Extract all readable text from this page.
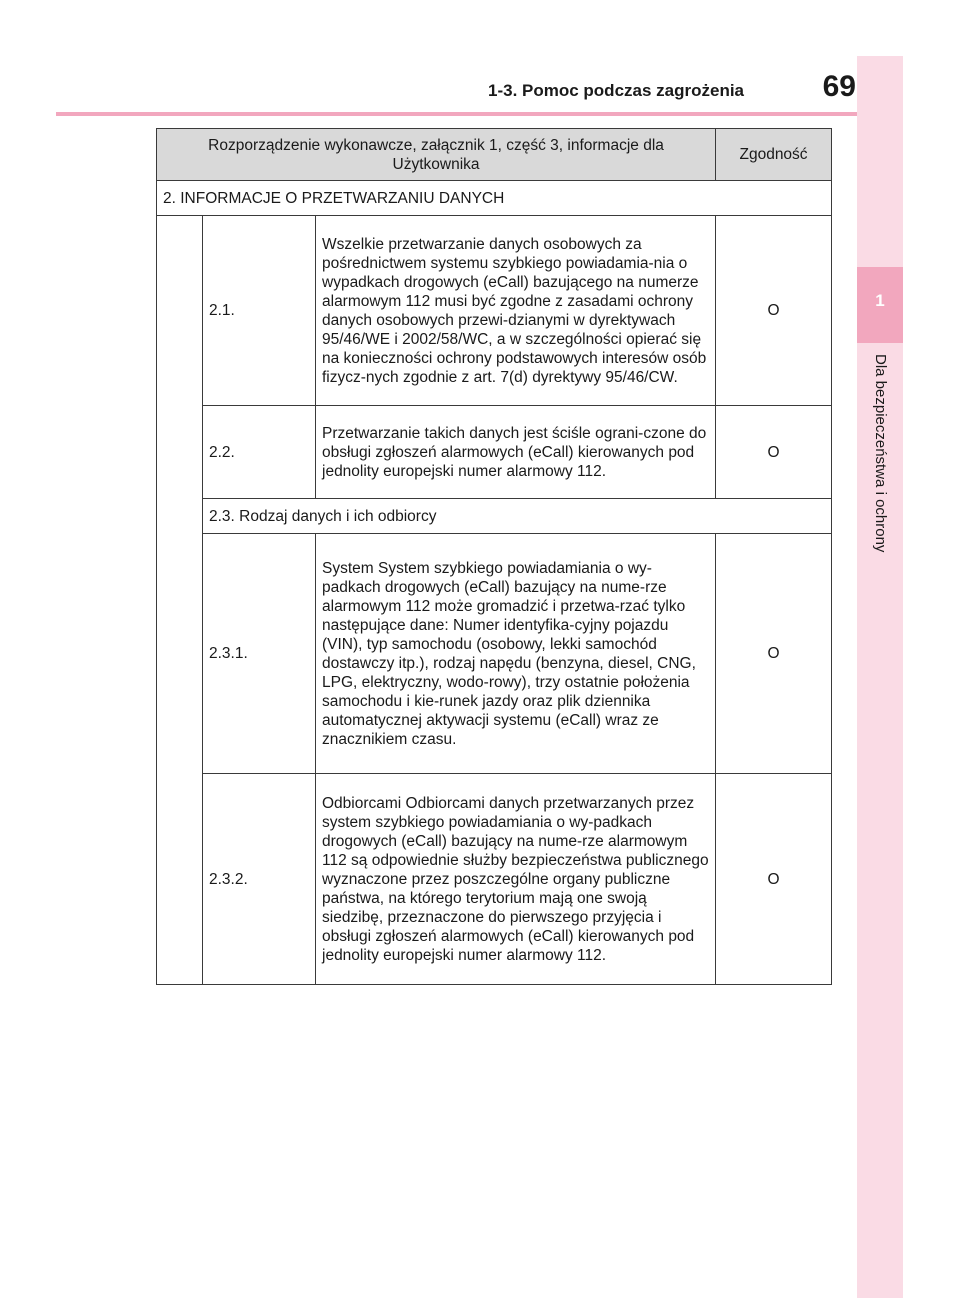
1-3. Pomoc podczas zagrożenia	69
1
Dla bezpieczeństwa i ochrony
Rozporządzenie wykonawcze, załącznik 1, część 3, informacje dla Użytkownika			Zgodność
2. INFORMACJE O PRZETWARZANIU DANYCH			
	2.1.	Wszelkie przetwarzanie danych osobowych za pośrednictwem systemu szybkiego powiadamia-nia o wypadkach drogowych (eCall) bazującego na numerze alarmowym 112 musi być zgodne z zasadami ochrony danych osobowych przewi-dzianymi w dyrektywach 95/46/WE i 2002/58/WC, a w szczególności opierać się na konieczności ochrony podstawowych interesów osób fizycz-nych zgodnie z art. 7(d) dyrektywy 95/46/CW.	O
	2.2.	Przetwarzanie takich danych jest ściśle ograni-czone do obsługi zgłoszeń alarmowych (eCall) kierowanych pod jednolity europejski numer alarmowy 112.	O
	2.3. Rodzaj danych i ich odbiorcy		
	2.3.1.	System System szybkiego powiadamiania o wy-padkach drogowych (eCall) bazujący na nume-rze alarmowym 112 może gromadzić i przetwa-rzać tylko następujące dane: Numer identyfika-cyjny pojazdu (VIN), typ samochodu (osobowy, lekki samochód dostawczy itp.), rodzaj napędu (benzyna, diesel, CNG, LPG, elektryczny, wodo-rowy), trzy ostatnie położenia samochodu i kie-runek jazdy oraz plik dziennika automatycznej aktywacji systemu (eCall) wraz ze znacznikiem czasu.	O
	2.3.2.	Odbiorcami Odbiorcami danych przetwarzanych przez system szybkiego powiadamiania o wy-padkach drogowych (eCall) bazujący na nume-rze alarmowym 112 są odpowiednie służby bezpieczeństwa publicznego wyznaczone przez poszczególne organy publiczne państwa, na którego terytorium mają one swoją siedzibę, przeznaczone do pierwszego przyjęcia i obsługi zgłoszeń alarmowych (eCall) kierowanych pod jednolity europejski numer alarmowy 112.	O
